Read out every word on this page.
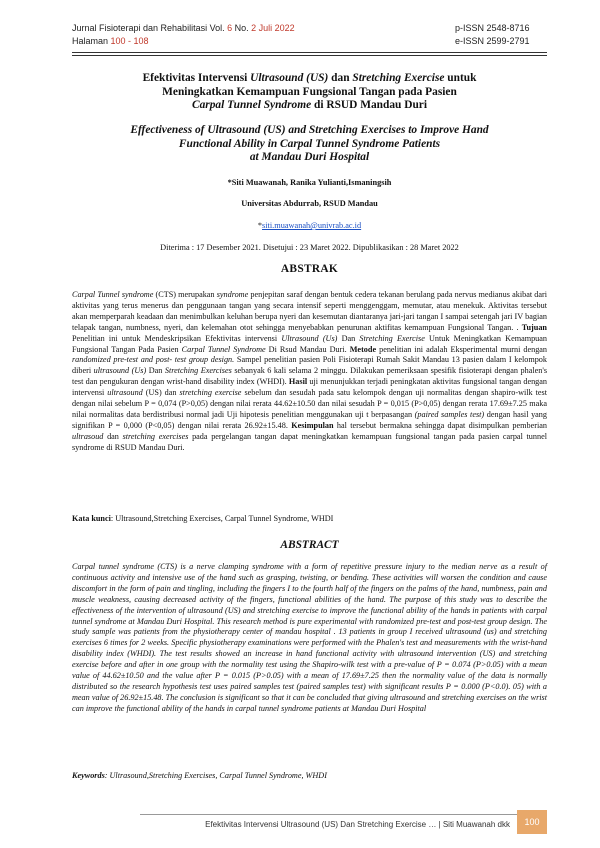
Jurnal Fisioterapi dan Rehabilitasi Vol. 6 No. 2 Juli 2022
Halaman 100 - 108
p-ISSN 2548-8716
e-ISSN 2599-2791
Efektivitas Intervensi Ultrasound (US) dan Stretching Exercise untuk
Meningkatkan Kemampuan Fungsional Tangan pada Pasien
Carpal Tunnel Syndrome di RSUD Mandau Duri
Effectiveness of Ultrasound (US) and Stretching Exercises to Improve Hand
Functional Ability in Carpal Tunnel Syndrome Patients
at Mandau Duri Hospital
*Siti Muawanah, Ranika Yulianti,Ismaningsih
Universitas Abdurrab, RSUD Mandau
*siti.muawanah@univrab.ac.id
Diterima : 17 Desember 2021. Disetujui : 23 Maret 2022. Dipublikasikan : 28 Maret 2022
ABSTRAK
Carpal Tunnel syndrome (CTS) merupakan syndrome penjepitan saraf dengan bentuk cedera tekanan berulang pada nervus medianus akibat dari aktivitas yang terus menerus dan penggunaan tangan yang secara intensif seperti menggenggam, memutar, atau menekuk. Aktivitas tersebut akan memperparah keadaan dan menimbulkan keluhan berupa nyeri dan kesemutan diantaranya jari-jari tangan I sampai setengah jari IV bagian telapak tangan, numbness, nyeri, dan kelemahan otot sehingga menyebabkan penurunan aktifitas kemampuan Fungsional Tangan. . Tujuan Penelitian ini untuk Mendeskripsikan Efektivitas intervensi Ultrasound (Us) Dan Stretching Exercise Untuk Meningkatkan Kemampuan Fungsional Tangan Pada Pasien Carpal Tunnel Syndrome Di Rsud Mandau Duri. Metode penelitian ini adalah Eksperimental murni dengan randomized pre-test and post- test group design. Sampel penelitian pasien Poli Fisioterapi Rumah Sakit Mandau 13 pasien dalam I kelompok diberi ultrasound (Us) Dan Stretching Exercises sebanyak 6 kali selama 2 minggu. Dilakukan pemeriksaan spesifik fisioterapi dengan phalen's test dan pengukuran dengan wrist-hand disability index (WHDI). Hasil uji menunjukkan terjadi peningkatan aktivitas fungsional tangan dengan intervensi ultrasound (US) dan stretching exercise sebelum dan sesudah pada satu kelompok dengan uji normalitas dengan shapiro-wilk test dengan nilai sebelum P = 0,074 (P>0,05) dengan nilai rerata 44.62±10.50 dan nilai sesudah P = 0,015 (P>0,05) dengan rerata 17.69±7.25 maka nilai normalitas data berdistribusi normal jadi Uji hipotesis penelitian menggunakan uji t berpasangan (paired samples test) dengan hasil yang signifikan P = 0,000 (P<0,05) dengan nilai rerata 26.92±15.48. Kesimpulan hal tersebut bermakna sehingga dapat disimpulkan pemberian ultrasoud dan stretching exercises pada pergelangan tangan dapat meningkatkan kemampuan fungsional tangan pada pasien carpal tunnel syndrome di RSUD Mandau Duri.
Kata kunci: Ultrasound,Stretching Exercises, Carpal Tunnel Syndrome, WHDI
ABSTRACT
Carpal tunnel syndrome (CTS) is a nerve clamping syndrome with a form of repetitive pressure injury to the median nerve as a result of continuous activity and intensive use of the hand such as grasping, twisting, or bending. These activities will worsen the condition and cause discomfort in the form of pain and tingling, including the fingers I to the fourth half of the fingers on the palms of the hand, numbness, pain and muscle weakness, causing decreased activity of the fingers, functional abilities of the hand. The purpose of this study was to describe the effectiveness of the intervention of ultrasound (US) and stretching exercise to improve the functional ability of the hands in patients with carpal tunnel syndrome at Mandau Duri Hospital. This research method is pure experimental with randomized pre-test and post-test group design. The study sample was patients from the physiotherapy center of mandau hospital . 13 patients in group I received ultrasound (us) and stretching exercises 6 times for 2 weeks. Specific physiotherapy examinations were performed with the Phalen's test and measurements with the wrist-hand disability index (WHDI). The test results showed an increase in hand functional activity with ultrasound intervention (US) and stretching exercise before and after in one group with the normality test using the Shapiro-wilk test with a pre-value of P = 0.074 (P>0.05) with a mean value of 44.62±10.50 and the value after P = 0.015 (P>0.05) with a mean of 17.69±7.25 then the normality value of the data is normally distributed so the research hypothesis test uses paired samples test (paired samples test) with significant results P = 0.000 (P<0.0). 05) with a mean value of 26.92±15.48. The conclusion is significant so that it can be concluded that giving ultrasound and stretching exercises on the wrist can improve the functional ability of the hands in carpal tunnel syndrome patients at Mandau Duri Hospital
Keywords: Ultrasound,Stretching Exercises, Carpal Tunnel Syndrome, WHDI
Efektivitas Intervensi Ultrasound (US) Dan Stretching Exercise … | Siti Muawanah dkk	100
